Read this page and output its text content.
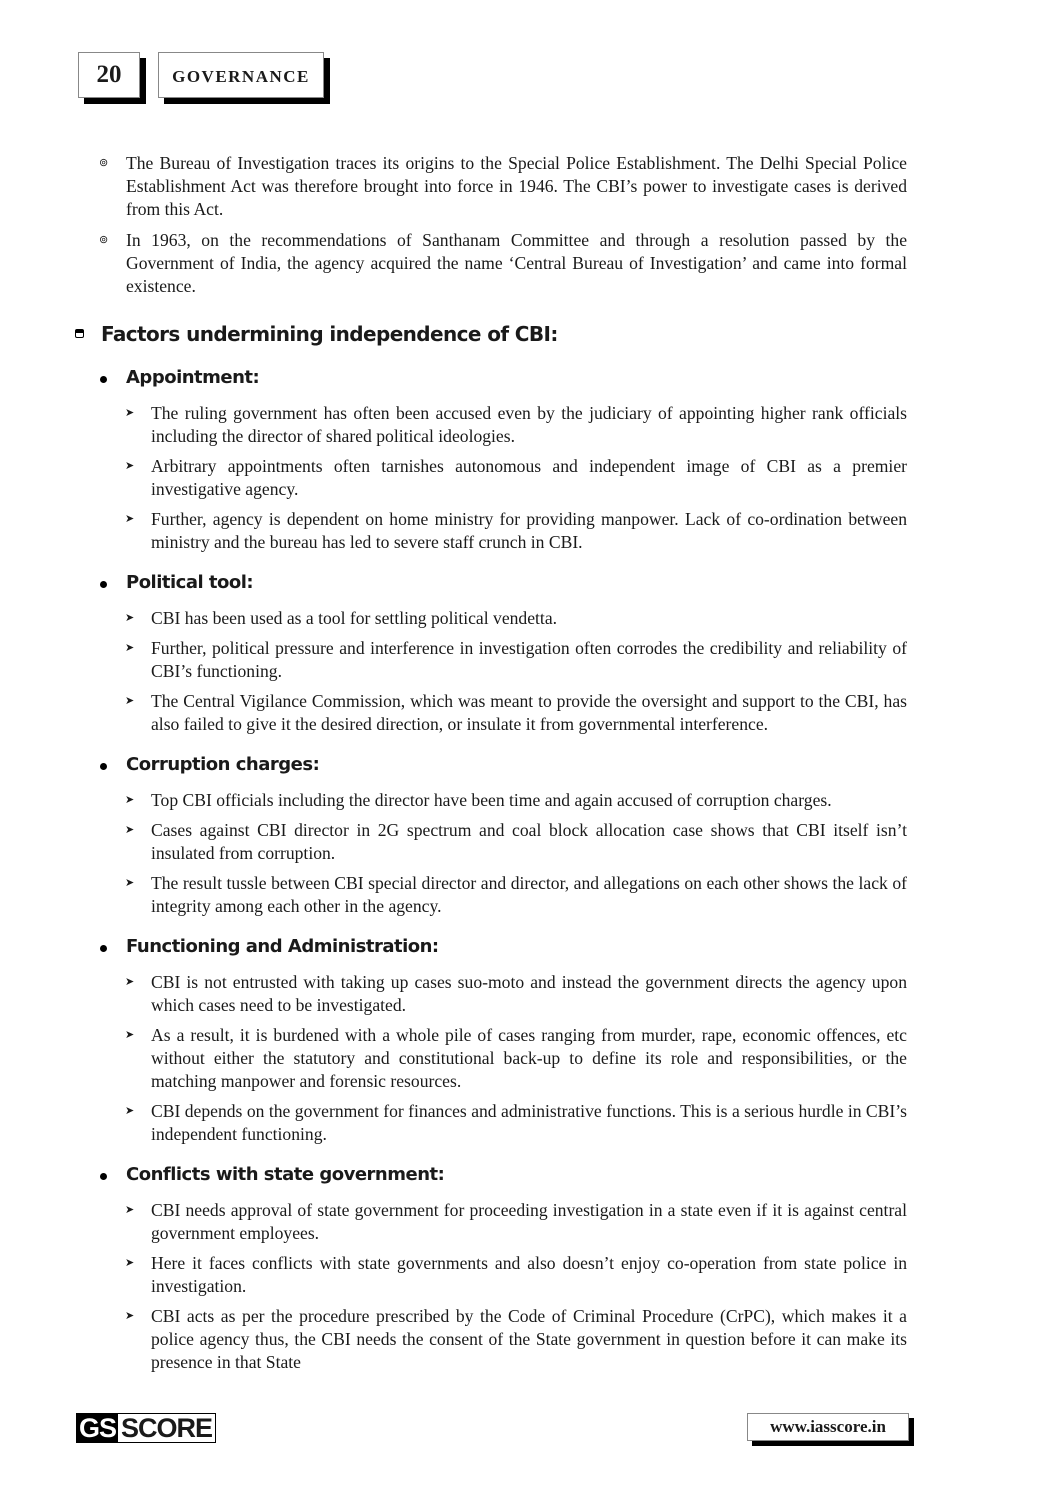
20	GOVERNANCE
⊚ The Bureau of Investigation traces its origins to the Special Police Establishment. The Delhi Special Police Establishment Act was therefore brought into force in 1946. The CBI’s power to investigate cases is derived from this Act.
⊚ In 1963, on the recommendations of Santhanam Committee and through a resolution passed by the Government of India, the agency acquired the name ‘Central Bureau of Investigation’ and came into formal existence.
Factors undermining independence of CBI:
Appointment:
➤ The ruling government has often been accused even by the judiciary of appointing higher rank officials including the director of shared political ideologies.
➤ Arbitrary appointments often tarnishes autonomous and independent image of CBI as a premier investigative agency.
➤ Further, agency is dependent on home ministry for providing manpower. Lack of co-ordination between ministry and the bureau has led to severe staff crunch in CBI.
Political tool:
➤ CBI has been used as a tool for settling political vendetta.
➤ Further, political pressure and interference in investigation often corrodes the credibility and reliability of CBI’s functioning.
➤ The Central Vigilance Commission, which was meant to provide the oversight and support to the CBI, has also failed to give it the desired direction, or insulate it from governmental interference.
Corruption charges:
➤ Top CBI officials including the director have been time and again accused of corruption charges.
➤ Cases against CBI director in 2G spectrum and coal block allocation case shows that CBI itself isn’t insulated from corruption.
➤ The result tussle between CBI special director and director, and allegations on each other shows the lack of integrity among each other in the agency.
Functioning and Administration:
➤ CBI is not entrusted with taking up cases suo-moto and instead the government directs the agency upon which cases need to be investigated.
➤ As a result, it is burdened with a whole pile of cases ranging from murder, rape, economic offences, etc without either the statutory and constitutional back-up to define its role and responsibilities, or the matching manpower and forensic resources.
➤ CBI depends on the government for finances and administrative functions. This is a serious hurdle in CBI’s independent functioning.
Conflicts with state government:
➤ CBI needs approval of state government for proceeding investigation in a state even if it is against central government employees.
➤ Here it faces conflicts with state governments and also doesn’t enjoy co-operation from state police in investigation.
➤ CBI acts as per the procedure prescribed by the Code of Criminal Procedure (CrPC), which makes it a police agency thus, the CBI needs the consent of the State government in question before it can make its presence in that State
GS SCORE	www.iasscore.in
